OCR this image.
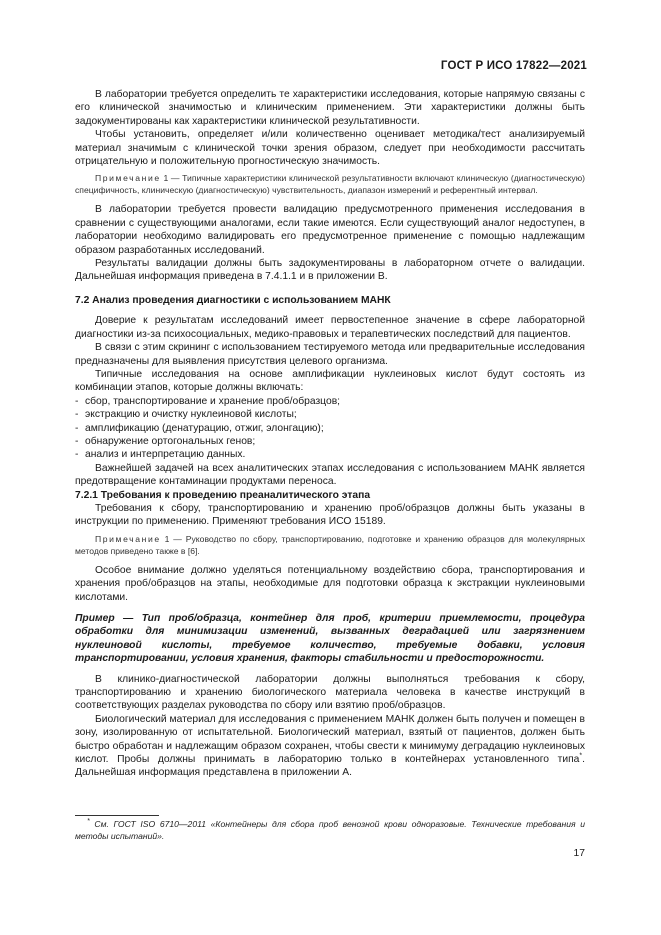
ГОСТ Р ИСО 17822—2021

В лаборатории требуется определить те характеристики исследования, которые напрямую связаны с его клинической значимостью и клиническим применением. Эти характеристики должны быть задокументированы как характеристики клинической результативности.

Чтобы установить, определяет и/или количественно оценивает методика/тест анализируемый материал значимым с клинической точки зрения образом, следует при необходимости рассчитать отрицательную и положительную прогностическую значимость.

Примечание 1 — Типичные характеристики клинической результативности включают клиническую (диагностическую) специфичность, клиническую (диагностическую) чувствительность, диапазон измерений и референтный интервал.

В лаборатории требуется провести валидацию предусмотренного применения исследования в сравнении с существующими аналогами, если такие имеются. Если существующий аналог недоступен, в лаборатории необходимо валидировать его предусмотренное применение с помощью надлежащим образом разработанных исследований.

Результаты валидации должны быть задокументированы в лабораторном отчете о валидации. Дальнейшая информация приведена в 7.4.1.1 и в приложении В.

7.2 Анализ проведения диагностики с использованием МАНК

Доверие к результатам исследований имеет первостепенное значение в сфере лабораторной диагностики из-за психосоциальных, медико-правовых и терапевтических последствий для пациентов.

В связи с этим скрининг с использованием тестируемого метода или предварительные исследования предназначены для выявления присутствия целевого организма.

Типичные исследования на основе амплификации нуклеиновых кислот будут состоять из комбинации этапов, которые должны включать:

- сбор, транспортирование и хранение проб/образцов;

- экстракцию и очистку нуклеиновой кислоты;

- амплификацию (денатурацию, отжиг, элонгацию);

- обнаружение ортогональных генов;

- анализ и интерпретацию данных.

Важнейшей задачей на всех аналитических этапах исследования с использованием МАНК является предотвращение контаминации продуктами переноса.

7.2.1 Требования к проведению преаналитического этапа

Требования к сбору, транспортированию и хранению проб/образцов должны быть указаны в инструкции по применению. Применяют требования ИСО 15189.

Примечание 1 — Руководство по сбору, транспортированию, подготовке и хранению образцов для молекулярных методов приведено также в [6].

Особое внимание должно уделяться потенциальному воздействию сбора, транспортирования и хранения проб/образцов на этапы, необходимые для подготовки образца к экстракции нуклеиновыми кислотами.

Пример — Тип проб/образца, контейнер для проб, критерии приемлемости, процедура обработки для минимизации изменений, вызванных деградацией или загрязнением нуклеиновой кислоты, требуемое количество, требуемые добавки, условия транспортировании, условия хранения, факторы стабильности и предосторожности.

В клинико-диагностической лаборатории должны выполняться требования к сбору, транспортированию и хранению биологического материала человека в качестве инструкций в соответствующих разделах руководства по сбору или взятию проб/образцов.

Биологический материал для исследования с применением МАНК должен быть получен и помещен в зону, изолированную от испытательной. Биологический материал, взятый от пациентов, должен быть быстро обработан и надлежащим образом сохранен, чтобы свести к минимуму деградацию нуклеиновых кислот. Пробы должны принимать в лабораторию только в контейнерах установленного типа*. Дальнейшая информация представлена в приложении А.

* См. ГОСТ ISO 6710—2011 «Контейнеры для сбора проб венозной крови одноразовые. Технические требования и методы испытаний».
17
